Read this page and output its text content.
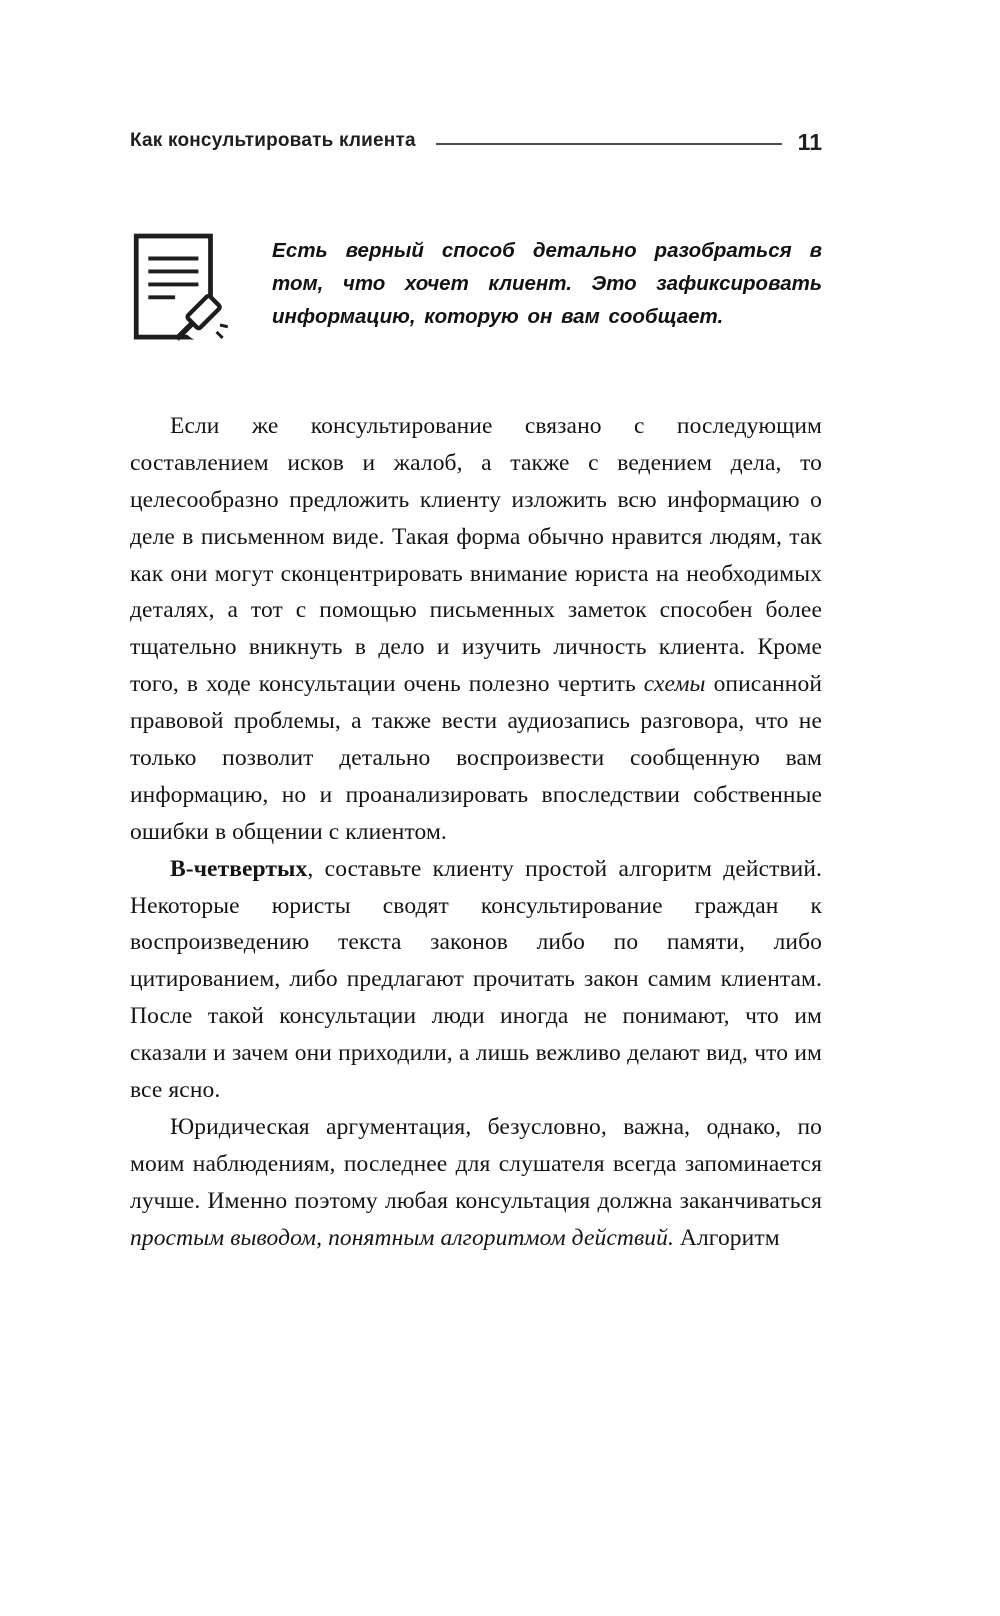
Как консультировать клиента	11
Есть верный способ детально разобраться в том, что хочет клиент. Это зафиксировать информацию, которую он вам сообщает.

Если же консультирование связано с последующим составлением исков и жалоб, а также с ведением дела, то целесообразно предложить клиенту изложить всю информацию о деле в письменном виде. Такая форма обычно нравится людям, так как они могут сконцентрировать внимание юриста на необходимых деталях, а тот с помощью письменных заметок способен более тщательно вникнуть в дело и изучить личность клиента. Кроме того, в ходе консультации очень полезно чертить схемы описанной правовой проблемы, а также вести аудиозапись разговора, что не только позволит детально воспроизвести сообщенную вам информацию, но и проанализировать впоследствии собственные ошибки в общении с клиентом.

В-четвертых, составьте клиенту простой алгоритм действий. Некоторые юристы сводят консультирование граждан к воспроизведению текста законов либо по памяти, либо цитированием, либо предлагают прочитать закон самим клиентам. После такой консультации люди иногда не понимают, что им сказали и зачем они приходили, а лишь вежливо делают вид, что им все ясно.

Юридическая аргументация, безусловно, важна, однако, по моим наблюдениям, последнее для слушателя всегда запоминается лучше. Именно поэтому любая консультация должна заканчиваться простым выводом, понятным алгоритмом действий. Алгоритм
